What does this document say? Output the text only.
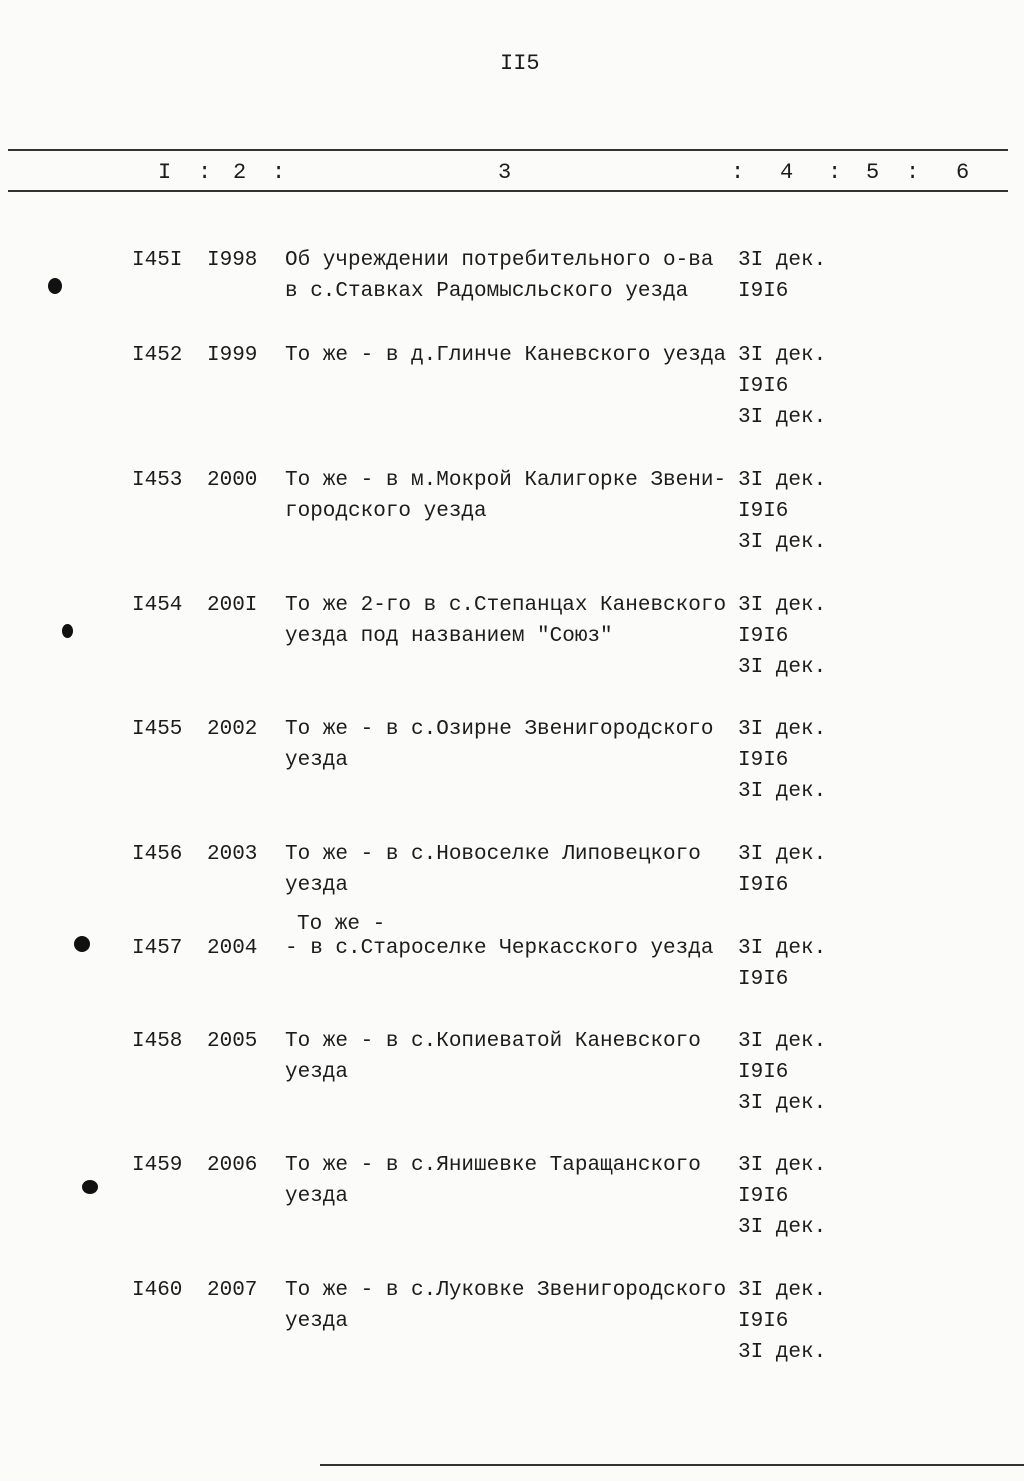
II5
I : 2 :	3	: 4 : 5 : 6
I45I I998 Об учреждении потребительного о-ва
в с.Ставках Радомысльского уезда
3I дек.
I9I6
I452 I999 То же - в д.Глинче Каневского уезда 3I дек.
I9I6
3I дек.
I453 2000 То же - в м.Мокрой Калигорке Звени-
городского уезда
3I дек.
I9I6
3I дек.
I454 200I То же 2-го в с.Степанцах Каневского
уезда под названием "Союз"
3I дек.
I9I6
3I дек.
I455 2002 То же - в с.Озирне Звенигородского
уезда
3I дек.
I9I6
3I дек.
I456 2003 То же - в с.Новоселке Липовецкого
уезда
3I дек.
I9I6
I457 2004
То же -
- в с.Староселке Черкасского уезда 3I дек.
I9I6
I458 2005 То же - в с.Копиеватой Каневского
уезда
3I дек.
I9I6
3I дек.
I459 2006 То же - в с.Янишевке Таращанского
уезда
3I дек.
I9I6
3I дек.
I460 2007 То же - в с.Луковке Звенигородского
уезда
3I дек.
I9I6
3I дек.
